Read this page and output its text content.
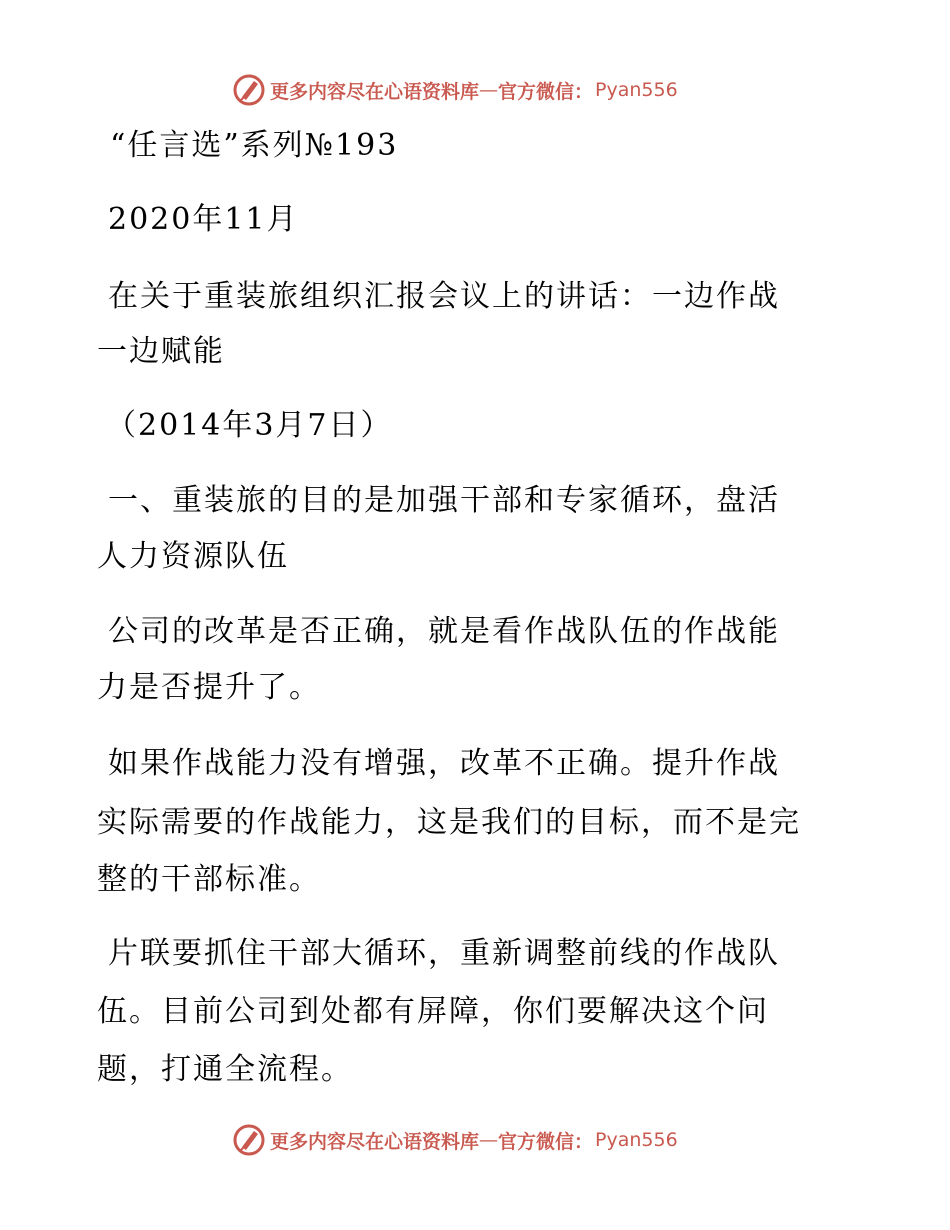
更多内容尽在心语资料库 — 官方微信： Pyan556
“任言选”系列№193
2020年11月
在关于重装旅组织汇报会议上的讲话：一边作战
一边赋能
（2014年3月7日）
一、重装旅的目的是加强干部和专家循环，盘活
人力资源队伍
公司的改革是否正确，就是看作战队伍的作战能
力是否提升了。
如果作战能力没有增强，改革不正确。提升作战
实际需要的作战能力，这是我们的目标，而不是完
整的干部标准。
片联要抓住干部大循环，重新调整前线的作战队
伍。目前公司到处都有屏障，你们要解决这个问
题，打通全流程。
更多内容尽在心语资料库 — 官方微信： Pyan556
